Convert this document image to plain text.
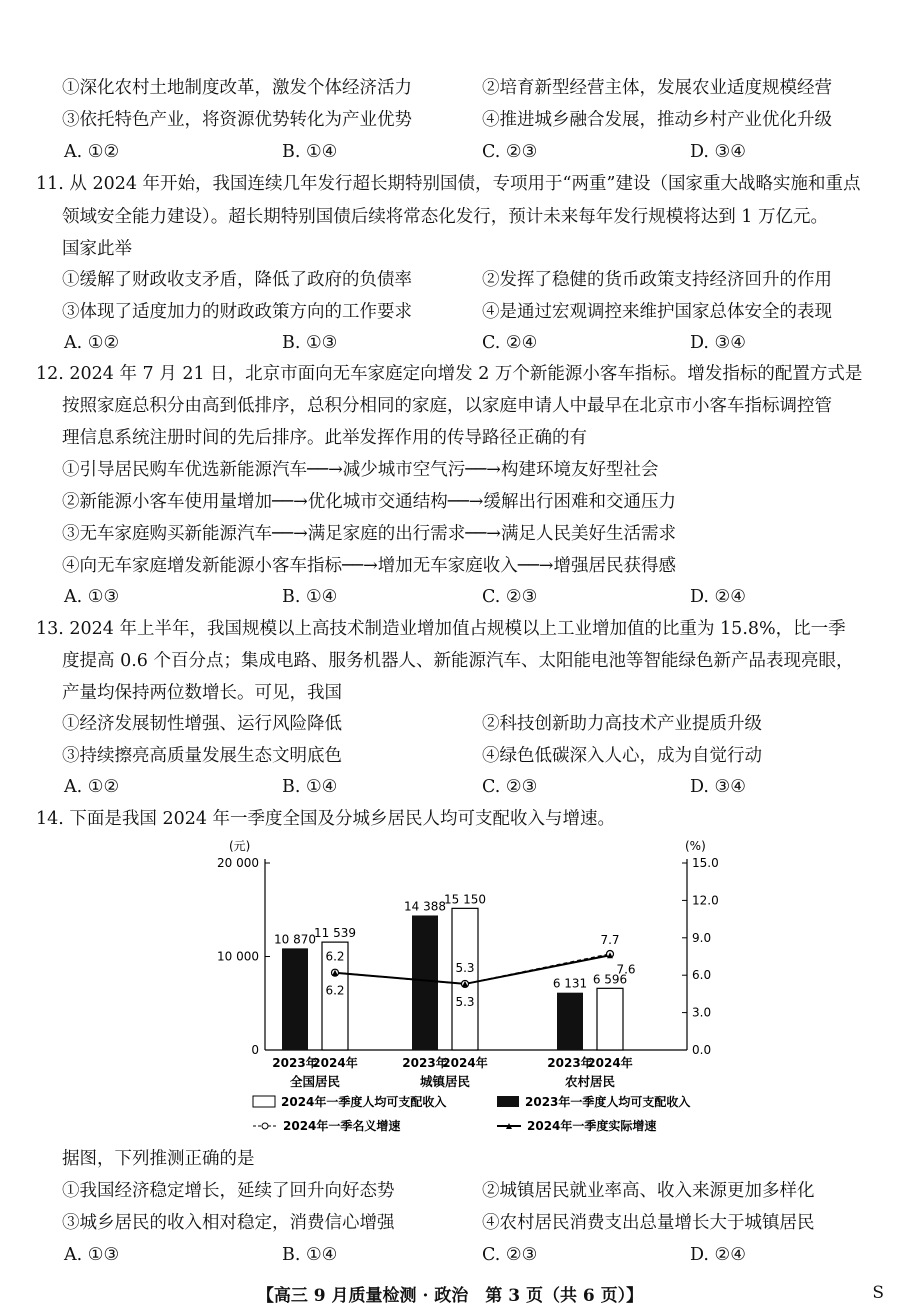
①深化农村土地制度改革，激发个体经济活力	②培育新型经营主体，发展农业适度规模经营
③依托特色产业，将资源优势转化为产业优势	④推进城乡融合发展，推动乡村产业优化升级
A. ①②	B. ①④	C. ②③	D. ③④
11. 从 2024 年开始，我国连续几年发行超长期特别国债，专项用于“两重”建设（国家重大战略实施和重点
领域安全能力建设）。超长期特别国债后续将常态化发行，预计未来每年发行规模将达到 1 万亿元。
国家此举
①缓解了财政收支矛盾，降低了政府的负债率	②发挥了稳健的货币政策支持经济回升的作用
③体现了适度加力的财政政策方向的工作要求	④是通过宏观调控来维护国家总体安全的表现
A. ①②	B. ①③	C. ②④	D. ③④
12. 2024 年 7 月 21 日，北京市面向无车家庭定向增发 2 万个新能源小客车指标。增发指标的配置方式是
按照家庭总积分由高到低排序，总积分相同的家庭，以家庭申请人中最早在北京市小客车指标调控管
理信息系统注册时间的先后排序。此举发挥作用的传导路径正确的有
①引导居民购车优选新能源汽车──→减少城市空气污──→构建环境友好型社会
②新能源小客车使用量增加──→优化城市交通结构──→缓解出行困难和交通压力
③无车家庭购买新能源汽车──→满足家庭的出行需求──→满足人民美好生活需求
④向无车家庭增发新能源小客车指标──→增加无车家庭收入──→增强居民获得感
A. ①③	B. ①④	C. ②③	D. ②④
13. 2024 年上半年，我国规模以上高技术制造业增加值占规模以上工业增加值的比重为 15.8%，比一季
度提高 0.6 个百分点；集成电路、服务机器人、新能源汽车、太阳能电池等智能绿色新产品表现亮眼，
产量均保持两位数增长。可见，我国
①经济发展韧性增强、运行风险降低	②科技创新助力高技术产业提质升级
③持续擦亮高质量发展生态文明底色	④绿色低碳深入人心，成为自觉行动
A. ①②	B. ①④	C. ②③	D. ③④
14. 下面是我国 2024 年一季度全国及分城乡居民人均可支配收入与增速。
(元)	(%)
20 000
10 000
0
15.0
12.0
9.0
6.0
3.0
0.0
10 870
11 539
2023年
2024年
全国居民
14 388
15 150
2023年
2024年
城镇居民
6 131 6 596
2023年
2024年
农村居民
6.2
6.2
5.3
5.3
7.7
7.6
2024年一季度人均可支配收入	2023年一季度人均可支配收入
2024年一季名义增速	2024年一季度实际增速
据图，下列推测正确的是
①我国经济稳定增长，延续了回升向好态势	②城镇居民就业率高、收入来源更加多样化
③城乡居民的收入相对稳定，消费信心增强	④农村居民消费支出总量增长大于城镇居民
A. ①③	B. ①④	C. ②③	D. ②④
【高三 9 月质量检测 · 政治　第 3 页（共 6 页）】	S
